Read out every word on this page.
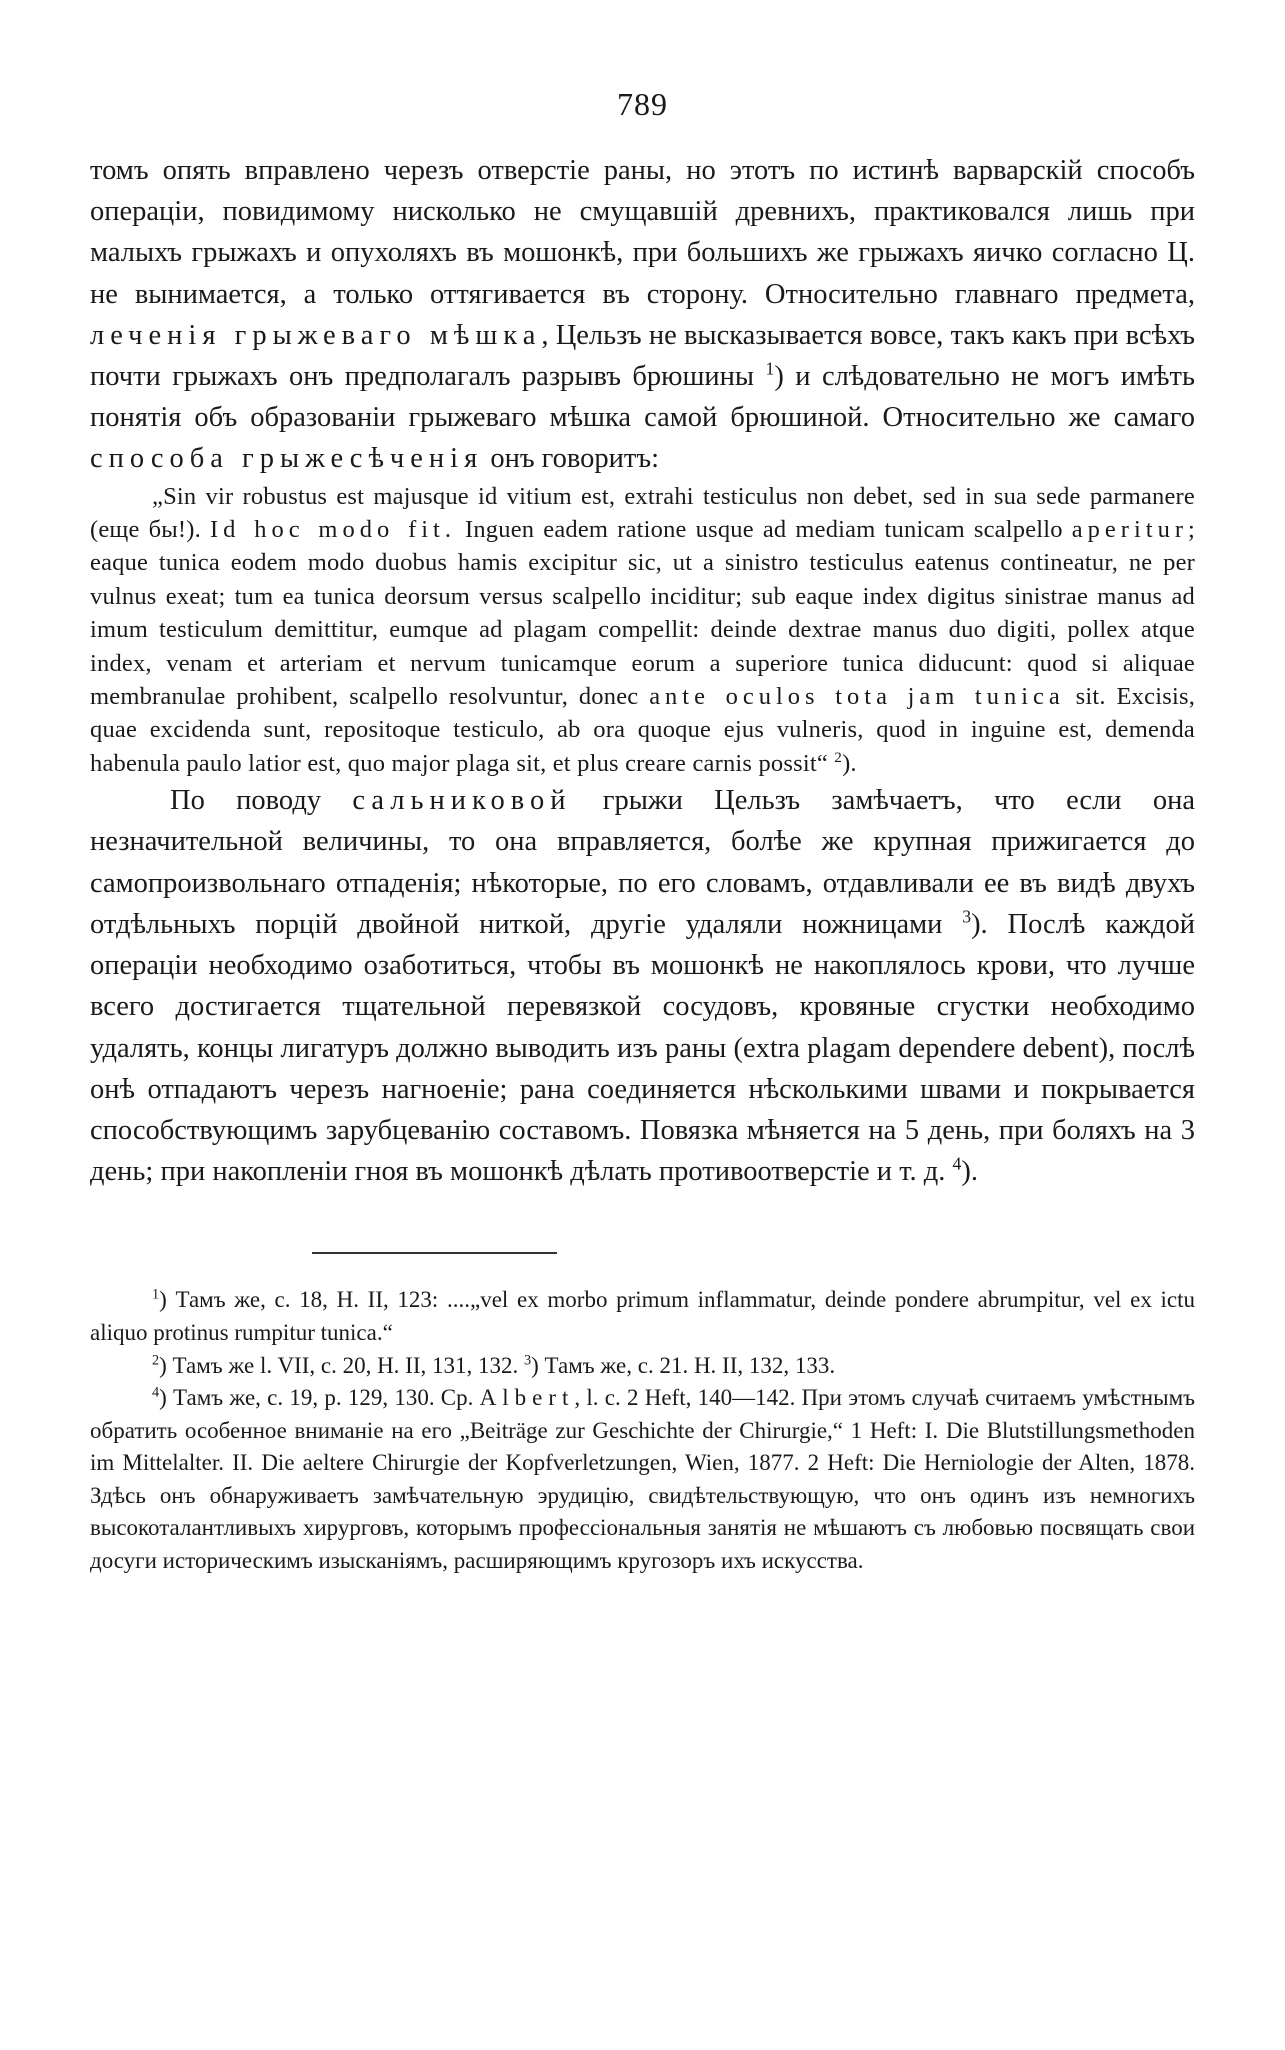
789

томъ опять вправлено черезъ отверстіе раны, но этотъ по истинѣ варварскій способъ операціи, повидимому нисколько не смущавшій древнихъ, практиковался лишь при малыхъ грыжахъ и опухоляхъ въ мошонкѣ, при большихъ же грыжахъ яичко согласно Ц. не вынимается, а только оттягивается въ сторону. Относительно главнаго предмета, леченія грыжеваго мѣшка, Цельзъ не высказывается вовсе, такъ какъ при всѣхъ почти грыжахъ онъ предполагалъ разрывъ брюшины $^1$) и слѣдовательно не могъ имѣть понятія объ образованіи грыжеваго мѣшка самой брюшиной. Относительно же самаго способа грыжесѣченія онъ говоритъ:

„Sin vir robustus est majusque id vitium est, extrahi testiculus non debet, sed in sua sede parmanere (еще бы!). Id hoc modo fit. Inguen eadem ratione usque ad mediam tunicam scalpello aperitur; eaque tunica eodem modo duobus hamis excipitur sic, ut a sinistro testiculus eatenus contineatur, ne per vulnus exeat; tum ea tunica deorsum versus scalpello inciditur; sub eaque index digitus sinistrae manus ad imum testiculum demittitur, eumque ad plagam compellit: deinde dextrae manus duo digiti, pollex atque index, venam et arteriam et nervum tunicamque eorum a superiore tunica diducunt: quod si aliquae membranulae prohibent, scalpello resolvuntur, donec ante oculos tota jam tunica sit. Excisis, quae excidenda sunt, repositoque testiculo, ab ora quoque ejus vulneris, quod in inguine est, demenda habenula paulo latior est, quo major plaga sit, et plus creare carnis possit“ $^2$).

По поводу сальниковой грыжи Цельзъ замѣчаетъ, что если она незначительной величины, то она вправляется, болѣе же крупная прижигается до самопроизвольнаго отпаденія; нѣкоторые, по его словамъ, отдавливали ее въ видѣ двухъ отдѣльныхъ порцій двойной ниткой, другіе удаляли ножницами $^3$). Послѣ каждой операціи необходимо озаботиться, чтобы въ мошонкѣ не накоплялось крови, что лучше всего достигается тщательной перевязкой сосудовъ, кровяные сгустки необходимо удалять, концы лигатуръ должно выводить изъ раны (extra plagam dependere debent), послѣ онѣ отпадаютъ черезъ нагноеніе; рана соединяется нѣсколькими швами и покрывается способствующимъ зарубцеванію составомъ. Повязка мѣняется на 5 день, при боляхъ на 3 день; при накопленіи гноя въ мошонкѣ дѣлать противоотверстіе и т. д. $^4$).

$^1$) Тамъ же, с. 18, Н. II, 123: ....„vel ex morbo primum inflammatur, deinde pondere abrumpitur, vel ex ictu aliquo protinus rumpitur tunica.“

$^2$) Тамъ же l. VII, c. 20, H. II, 131, 132. $^3$) Тамъ же, с. 21. Н. II, 132, 133.

$^4$) Тамъ же, с. 19, р. 129, 130. Ср. Albert, l. c. 2 Heft, 140—142. При этомъ случаѣ считаемъ умѣстнымъ обратить особенное вниманіе на его „Beiträge zur Geschichte der Chirurgie,“ 1 Heft: I. Die Blutstillungsmethoden im Mittelalter. II. Die aeltere Chirurgie der Kopfverletzungen, Wien, 1877. 2 Heft: Die Herniologie der Alten, 1878. Здѣсь онъ обнаруживаетъ замѣчательную эрудицію, свидѣтельствующую, что онъ одинъ изъ немногихъ высокоталантливыхъ хирурговъ, которымъ профессіональныя занятія не мѣшаютъ съ любовью посвящать свои досуги историческимъ изысканіямъ, расширяющимъ кругозоръ ихъ искусства.
